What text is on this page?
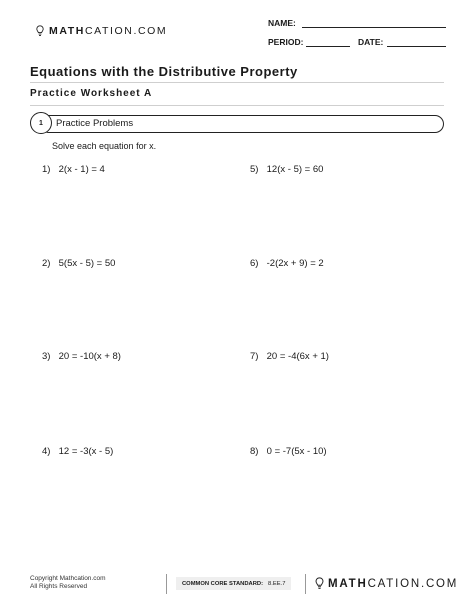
MATHCATION.COM
NAME:
PERIOD:	DATE:
Equations with the Distributive Property
Practice Worksheet A
1	Practice Problems
Solve each equation for x.
1) 2(x - 1) = 4	5) 12(x - 5) = 60
2) 5(5x - 5) = 50	6) -2(2x + 9) = 2
3) 20 = -10(x + 8)	7) 20 = -4(6x + 1)
4) 12 = -3(x - 5)	8) 0 = -7(5x - 10)
Copyright Mathcation.com
All Rights Reserved	COMMON CORE STANDARD: 8.EE.7	MATHCATION.COM
